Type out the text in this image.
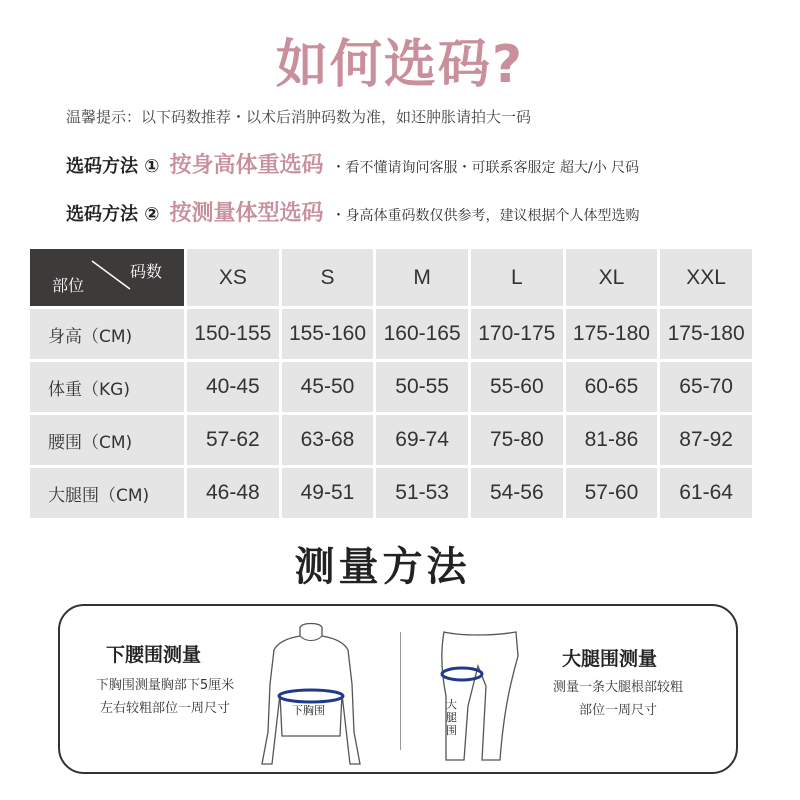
如何选码?
温馨提示：以下码数推荐・以术后消肿码数为准，如还肿胀请拍大一码
选码方法 ① 按身高体重选码 ・看不懂请询问客服・可联系客服定 超大/小 尺码
选码方法 ② 按测量体型选码 ・身高体重码数仅供参考，建议根据个人体型选购
部位
码数	XS	S	M	L	XL	XXL
身高（CM)	150-155	155-160	160-165	170-175	175-180	175-180
体重（KG)	40-45	45-50	50-55	55-60	60-65	65-70
腰围（CM)	57-62	63-68	69-74	75-80	81-86	87-92
大腿围（CM)	46-48	49-51	51-53	54-56	57-60	61-64
测量方法
下腰围测量
下胸围测量胸部下5厘米
左右较粗部位一周尺寸	下胸围	大腿围
大腿围测量
测量一条大腿根部较粗
部位一周尺寸
